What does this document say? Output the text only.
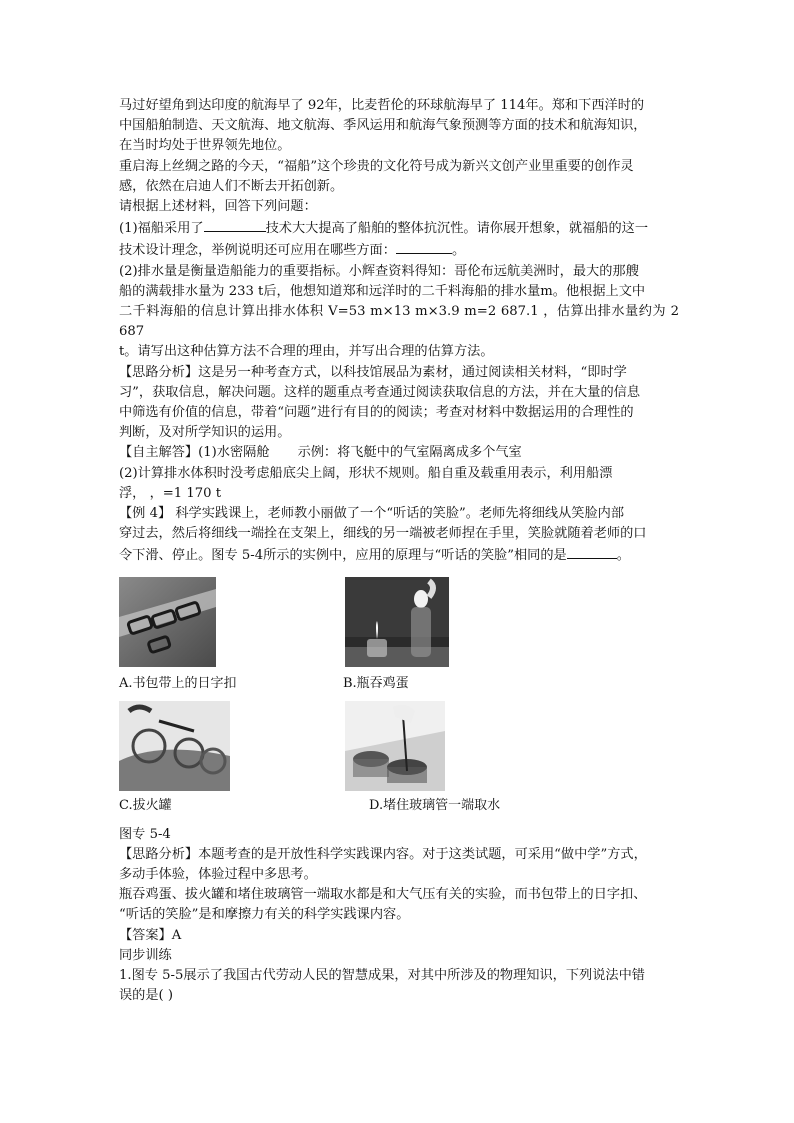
马过好望角到达印度的航海早了 92年，比麦哲伦的环球航海早了 114年。郑和下西洋时的

中国船舶制造、天文航海、地文航海、季风运用和航海气象预测等方面的技术和航海知识，

在当时均处于世界领先地位。

重启海上丝绸之路的今天，“福船”这个珍贵的文化符号成为新兴文创产业里重要的创作灵

感，依然在启迪人们不断去开拓创新。

请根据上述材料，回答下列问题：

(1)福船采用了	技术大大提高了船舶的整体抗沉性。请你展开想象，就福船的这一

技术设计理念，举例说明还可应用在哪些方面：	。

(2)排水量是衡量造船能力的重要指标。小辉查资料得知：哥伦布远航美洲时，最大的那艘

船的满载排水量为 233 t后，他想知道郑和远洋时的二千料海船的排水量m。他根据上文中

二千料海船的信息计算出排水体积 V=53 m×13 m×3.9 m=2 687.1 ，估算出排水量约为 2 687

t。请写出这种估算方法不合理的理由，并写出合理的估算方法。

【思路分析】这是另一种考查方式，以科技馆展品为素材，通过阅读相关材料，“即时学

习”，获取信息，解决问题。这样的题重点考查通过阅读获取信息的方法，并在大量的信息

中筛选有价值的信息，带着“问题”进行有目的的阅读；考查对材料中数据运用的合理性的

判断，及对所学知识的运用。

【自主解答】(1)水密隔舱 示例：将飞艇中的气室隔离成多个气室

(2)计算排水体积时没考虑船底尖上阔，形状不规则。船自重及载重用表示，利用船漂

浮， ，=1 170 t

【例 4】 科学实践课上，老师教小丽做了一个“听话的笑脸”。老师先将细线从笑脸内部

穿过去，然后将细线一端拴在支架上，细线的另一端被老师捏在手里，笑脸就随着老师的口

令下滑、停止。图专 5-4所示的实例中，应用的原理与“听话的笑脸”相同的是	。

A.书包带上的日字扣	B.瓶吞鸡蛋
C.拔火罐	D.堵住玻璃管一端取水

图专 5-4

【思路分析】本题考查的是开放性科学实践课内容。对于这类试题，可采用“做中学”方式，

多动手体验，体验过程中多思考。

瓶吞鸡蛋、拔火罐和堵住玻璃管一端取水都是和大气压有关的实验，而书包带上的日字扣、

“听话的笑脸”是和摩擦力有关的科学实践课内容。

【答案】A

同步训练

1.图专 5-5展示了我国古代劳动人民的智慧成果，对其中所涉及的物理知识，下列说法中错

误的是( )
